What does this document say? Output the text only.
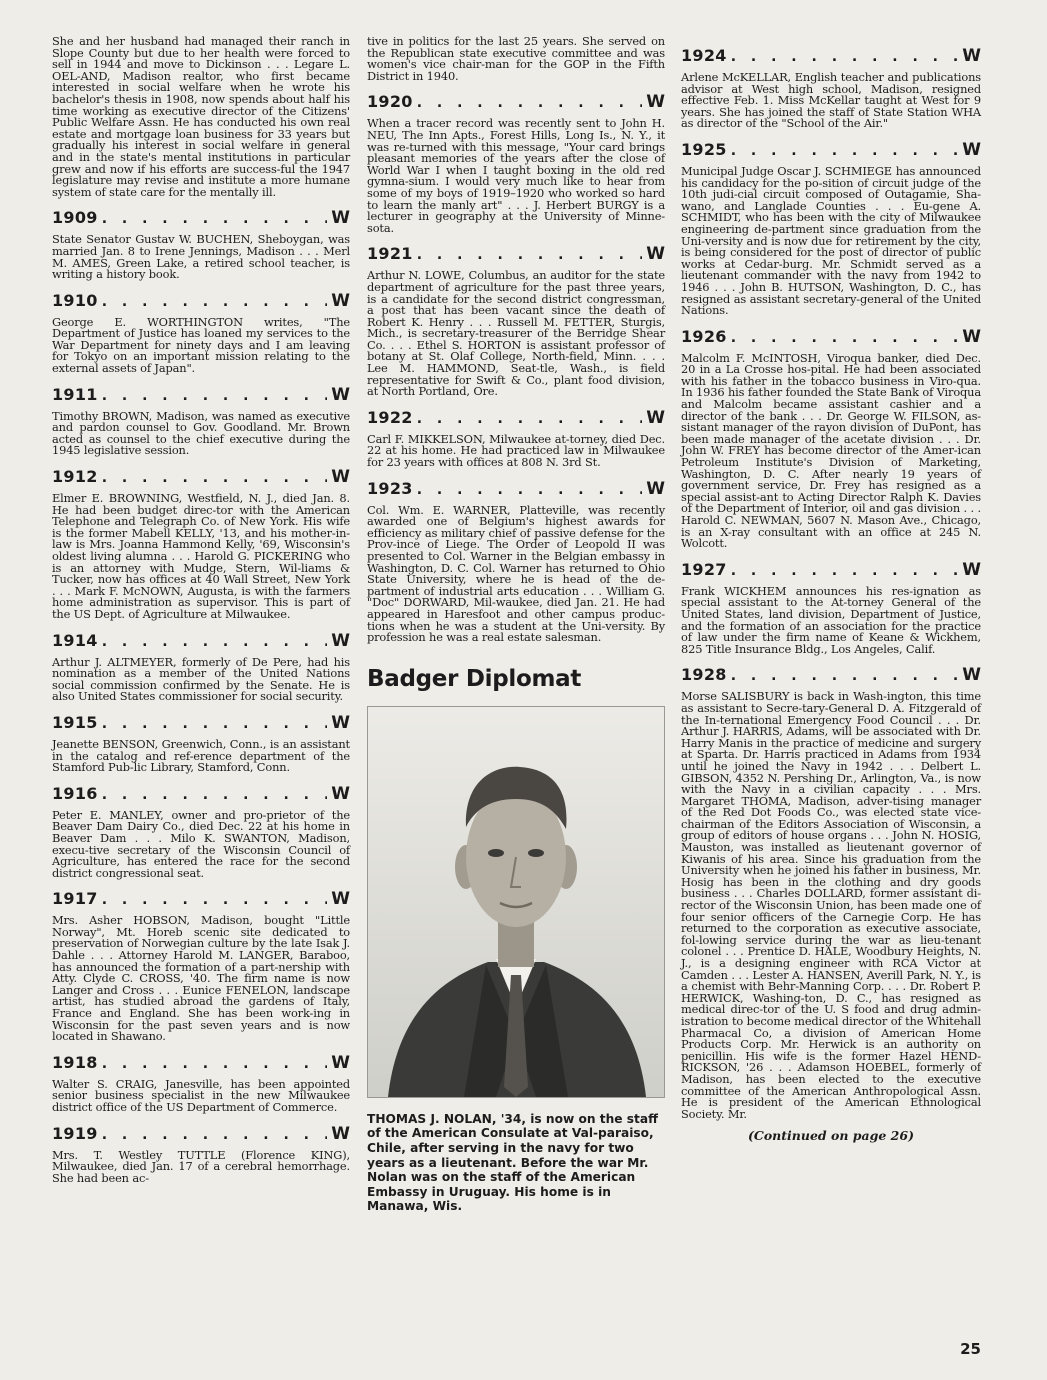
She and her husband had managed their ranch in Slope County but due to her health were forced to sell in 1944 and move to Dickinson . . . Legare L. OEL-AND, Madison realtor, who first became interested in social welfare when he wrote his bachelor's thesis in 1908, now spends about half his time working as executive director of the Citizens' Public Welfare Assn. He has conducted his own real estate and mortgage loan business for 33 years but gradually his interest in social welfare in general and in the state's mental institutions in particular grew and now if his efforts are success-ful the 1947 legislature may revise and institute a more humane system of state care for the mentally ill.

1909 . . .	W

State Senator Gustav W. BUCHEN, Sheboygan, was married Jan. 8 to Irene Jennings, Madison . . . Merl M. AMES, Green Lake, a retired school teacher, is writing a history book.

1910 . . .	W

George E. WORTHINGTON writes, "The Department of Justice has loaned my services to the War Department for ninety days and I am leaving for Tokyo on an important mission relating to the external assets of Japan".

1911 . . .	W

Timothy BROWN, Madison, was named as executive and pardon counsel to Gov. Goodland. Mr. Brown acted as counsel to the chief executive during the 1945 legislative session.

1912 . . .	W

Elmer E. BROWNING, Westfield, N. J., died Jan. 8. He had been budget direc-tor with the American Telephone and Telegraph Co. of New York. His wife is the former Mabell KELLY, '13, and his mother-in-law is Mrs. Joanna Hammond Kelly, '69, Wisconsin's oldest living alumna . . . Harold G. PICKERING who is an attorney with Mudge, Stern, Wil-liams & Tucker, now has offices at 40 Wall Street, New York . . . Mark F. McNOWN, Augusta, is with the farmers home administration as supervisor. This is part of the US Dept. of Agriculture at Milwaukee.

1914 . . .	W

Arthur J. ALTMEYER, formerly of De Pere, had his nomination as a member of the United Nations social commission confirmed by the Senate. He is also United States commissioner for social security.

1915 . . .	W

Jeanette BENSON, Greenwich, Conn., is an assistant in the catalog and ref-erence department of the Stamford Pub-lic Library, Stamford, Conn.

1916 . . .	W

Peter E. MANLEY, owner and pro-prietor of the Beaver Dam Dairy Co., died Dec. 22 at his home in Beaver Dam . . . Milo K. SWANTON, Madison, execu-tive secretary of the Wisconsin Council of Agriculture, has entered the race for the second district congressional seat.

1917 . . .	W

Mrs. Asher HOBSON, Madison, bought "Little Norway", Mt. Horeb scenic site dedicated to preservation of Norwegian culture by the late Isak J. Dahle . . . Attorney Harold M. LANGER, Baraboo, has announced the formation of a part-nership with Atty. Clyde C. CROSS, '40. The firm name is now Langer and Cross . . . Eunice FENELON, landscape artist, has studied abroad the gardens of Italy, France and England. She has been work-ing in Wisconsin for the past seven years and is now located in Shawano.

1918 . . .	W

Walter S. CRAIG, Janesville, has been appointed senior business specialist in the new Milwaukee district office of the US Department of Commerce.

1919 . . .	W

Mrs. T. Westley TUTTLE (Florence KING), Milwaukee, died Jan. 17 of a cerebral hemorrhage. She had been ac-

tive in politics for the last 25 years. She served on the Republican state executive committee and was women's vice chair-man for the GOP in the Fifth District in 1940.

1920 . . .	W

When a tracer record was recently sent to John H. NEU, The Inn Apts., Forest Hills, Long Is., N. Y., it was re-turned with this message, "Your card brings pleasant memories of the years after the close of World War I when I taught boxing in the old red gymna-sium. I would very much like to hear from some of my boys of 1919–1920 who worked so hard to learn the manly art" . . . J. Herbert BURGY is a lecturer in geography at the University of Minne-sota.

1921 . . .	W

Arthur N. LOWE, Columbus, an auditor for the state department of agriculture for the past three years, is a candidate for the second district congressman, a post that has been vacant since the death of Robert K. Henry . . . Russell M. FETTER, Sturgis, Mich., is secretary-treasurer of the Berridge Shear Co. . . . Ethel S. HORTON is assistant professor of botany at St. Olaf College, North-field, Minn. . . . Lee M. HAMMOND, Seat-tle, Wash., is field representative for Swift & Co., plant food division, at North Portland, Ore.

1922 . . .	W

Carl F. MIKKELSON, Milwaukee at-torney, died Dec. 22 at his home. He had practiced law in Milwaukee for 23 years with offices at 808 N. 3rd St.

1923 . . .	W

Col. Wm. E. WARNER, Platteville, was recently awarded one of Belgium's highest awards for efficiency as military chief of passive defense for the Prov-ince of Liege. The Order of Leopold II was presented to Col. Warner in the Belgian embassy in Washington, D. C. Col. Warner has returned to Ohio State University, where he is head of the de-partment of industrial arts education . . . William G. "Doc" DORWARD, Mil-waukee, died Jan. 21. He had appeared in Haresfoot and other campus produc-tions when he was a student at the Uni-versity. By profession he was a real estate salesman.

Badger Diplomat
THOMAS J. NOLAN, '34, is now on the staff of the American Consulate at Val-paraiso, Chile, after serving in the navy for two years as a lieutenant. Before the war Mr. Nolan was on the staff of the American Embassy in Uruguay. His home is in Manawa, Wis.
1924 . . .	W

Arlene McKELLAR, English teacher and publications advisor at West high school, Madison, resigned effective Feb. 1. Miss McKellar taught at West for 9 years. She has joined the staff of State Station WHA as director of the "School of the Air."

1925 . . .	W

Municipal Judge Oscar J. SCHMIEGE has announced his candidacy for the po-sition of circuit judge of the 10th judi-cial circuit composed of Outagamie, Sha-wano, and Langlade Counties . . . Eu-gene A. SCHMIDT, who has been with the city of Milwaukee engineering de-partment since graduation from the Uni-versity and is now due for retirement by the city, is being considered for the post of director of public works at Cedar-burg. Mr. Schmidt served as a lieutenant commander with the navy from 1942 to 1946 . . . John B. HUTSON, Washington, D. C., has resigned as assistant secretary-general of the United Nations.

1926 . . .	W

Malcolm F. McINTOSH, Viroqua banker, died Dec. 20 in a La Crosse hos-pital. He had been associated with his father in the tobacco business in Viro-qua. In 1936 his father founded the State Bank of Viroqua and Malcolm became assistant cashier and a director of the bank . . . Dr. George W. FILSON, as-sistant manager of the rayon division of DuPont, has been made manager of the acetate division . . . Dr. John W. FREY has become director of the Amer-ican Petroleum Institute's Division of Marketing, Washington, D. C. After nearly 19 years of government service, Dr. Frey has resigned as a special assist-ant to Acting Director Ralph K. Davies of the Department of Interior, oil and gas division . . . Harold C. NEWMAN, 5607 N. Mason Ave., Chicago, is an X-ray consultant with an office at 245 N. Wolcott.

1927 . . .	W

Frank WICKHEM announces his res-ignation as special assistant to the At-torney General of the United States, land division, Department of Justice, and the formation of an association for the practice of law under the firm name of Keane & Wickhem, 825 Title Insurance Bldg., Los Angeles, Calif.

1928 . . .	W

Morse SALISBURY is back in Wash-ington, this time as assistant to Secre-tary-General D. A. Fitzgerald of the In-ternational Emergency Food Council . . . Dr. Arthur J. HARRIS, Adams, will be associated with Dr. Harry Manis in the practice of medicine and surgery at Sparta. Dr. Harris practiced in Adams from 1934 until he joined the Navy in 1942 . . . Delbert L. GIBSON, 4352 N. Pershing Dr., Arlington, Va., is now with the Navy in a civilian capacity . . . Mrs. Margaret THOMA, Madison, adver-tising manager of the Red Dot Foods Co., was elected state vice-chairman of the Editors Association of Wisconsin, a group of editors of house organs . . . John N. HOSIG, Mauston, was installed as lieutenant governor of Kiwanis of his area. Since his graduation from the University when he joined his father in business, Mr. Hosig has been in the clothing and dry goods business . . . Charles DOLLARD, former assistant di-rector of the Wisconsin Union, has been made one of four senior officers of the Carnegie Corp. He has returned to the corporation as executive associate, fol-lowing service during the war as lieu-tenant colonel . . . Prentice D. HALE, Woodbury Heights, N. J., is a designing engineer with RCA Victor at Camden . . . Lester A. HANSEN, Averill Park, N. Y., is a chemist with Behr-Manning Corp. . . . Dr. Robert P. HERWICK, Washing-ton, D. C., has resigned as medical direc-tor of the U. S food and drug admin-istration to become medical director of the Whitehall Pharmacal Co, a division of American Home Products Corp. Mr. Herwick is an authority on penicillin. His wife is the former Hazel HEND-RICKSON, '26 . . . Adamson HOEBEL, formerly of Madison, has been elected to the executive committee of the American Anthropological Assn. He is president of the American Ethnological Society. Mr.

(Continued on page 26)
25
